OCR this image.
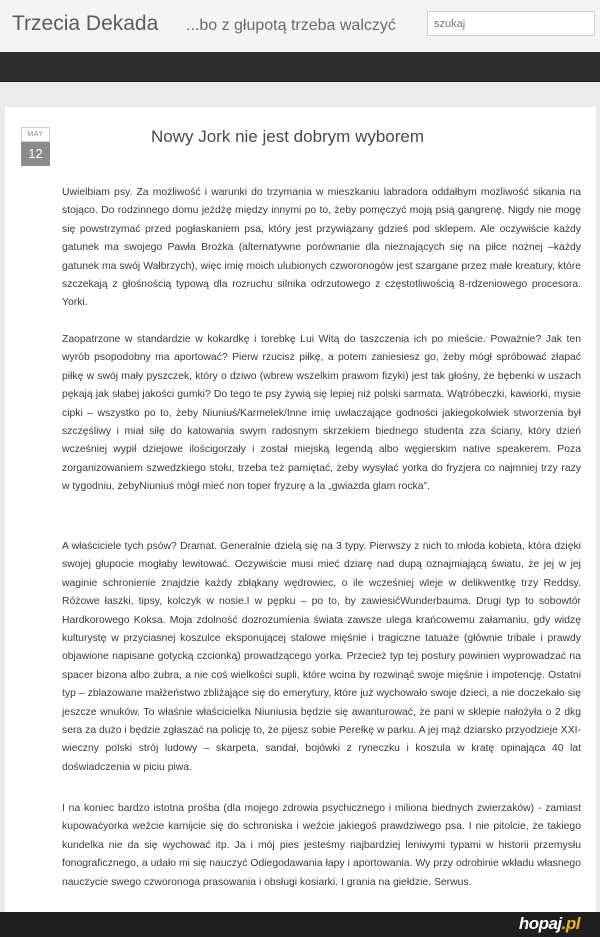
Trzecia Dekada ...bo z głupotą trzeba walczyć
szukaj
MAY
12
Nowy Jork nie jest dobrym wyborem

Uwielbiam psy. Za możliwość i warunki do trzymania w mieszkaniu labradora oddałbym możliwość sikania na stojąco. Do rodzinnego domu jeżdżę między innymi po to, żeby pomęczyć moją psią gangrenę. Nigdy nie mogę się powstrzymać przed pogłaskaniem psa, który jest przywiązany gdzieś pod sklepem. Ale oczywiście każdy gatunek ma swojego Pawła Brożka (alternatywne porównanie dla nieznających się na piłce nożnej –każdy gatunek ma swój Wałbrzych), więc imię moich ulubionych czworonogów jest szargane przez małe kreatury, które szczekają z głośnością typową dla rozruchu silnika odrzutowego z częstotliwością 8-rdzeniowego procesora. Yorki.

Zaopatrzone w standardzie w kokardkę i torebkę Lui Witą do taszczenia ich po mieście. Poważnie? Jak ten wyrób psopodobny ma aportować? Pierw rzucisz piłkę, a potem zaniesiesz go, żeby mógł spróbować złapać piłkę w swój mały pyszczek, który o dziwo (wbrew wszelkim prawom fizyki) jest tak głośny, że bębenki w uszach pękają jak słabej jakości gumki? Do tego te psy żywią się lepiej niż polski sarmata. Wątróbeczki, kawiorki, mysie cipki – wszystko po to, żeby Niuniuś/Karmelek/Inne imię uwłaczające godności jakiegokolwiek stworzenia był szczęśliwy i miał siłę do katowania swym radosnym skrzekiem biednego studenta zza ściany, który dzień wcześniej wypił dziejowe ilościgorzały i został miejską legendą albo węgierskim native speakerem. Poza zorganizowaniem szwedzkiego stołu, trzeba też pamiętać, żeby wysyłać yorka do fryzjera co najmniej trzy razy w tygodniu, żebyNiuniuś mógł mieć non toper fryzurę a la „gwiazda glam rocka”.

A właściciele tych psów? Dramat. Generalnie dzielą się na 3 typy. Pierwszy z nich to młoda kobieta, która dzięki swojej głupocie mogłaby lewitować. Oczywiście musi mieć dziarę nad dupą oznajmiającą światu, że jej w jej waginie schronienie znajdzie każdy zbłąkany wędrowiec, o ile wcześniej wleje w delikwentkę trzy Reddsy. Różowe łaszki, tipsy, kolczyk w nosie.I w pępku – po to, by zawiesićWunderbauma. Drugi typ to sobowtór Hardkorowego Koksa. Moja zdolność dozrozumienia świata zawsze ulega krańcowemu załamaniu, gdy widzę kulturystę w przyciasnej koszulce eksponującej stalowe mięśnie i tragiczne tatuaże (głównie tribale i prawdy objawione napisane gotycką czcionką) prowadzącego yorka. Przecież typ tej postury powinien wyprowadzać na spacer bizona albo żubra, a nie coś wielkości supli, które wcina by rozwinąć swoje mięśnie i impotencję. Ostatni typ – zblazowane małżeństwo zbliżające się do emerytury, które już wychowało swoje dzieci, a nie doczekało się jeszcze wnuków. To właśnie właścicielka Niuniusia będzie się awanturować, że pani w sklepie nałożyła o 2 dkg sera za dużo i będzie zgłaszać na policję to, że pijesz sobie Perełkę w parku. A jej mąż dziarsko przyodzieje XXI-wieczny polski strój ludowy – skarpeta, sandał, bojówki z ryneczku i koszula w kratę opinająca 40 lat doświadczenia w piciu piwa.

I na koniec bardzo istotna prośba (dla mojego zdrowia psychicznego i miliona biednych zwierzaków) - zamiast kupowaćyorka weźcie karnijcie się do schroniska i weźcie jakiegoś prawdziwego psa. I nie pitolcie, że takiego kundelka nie da się wychować itp. Ja i mój pies jesteśmy najbardziej leniwymi typami w historii przemysłu fonograficznego, a udało mi się nauczyć Odiegodawania łapy i aportowania. Wy przy odrobinie wkładu własnego nauczycie swego czworonoga prasowania i obsługi kosiarki. I grania na giełdzie. Serwus.

hopaj.pl
